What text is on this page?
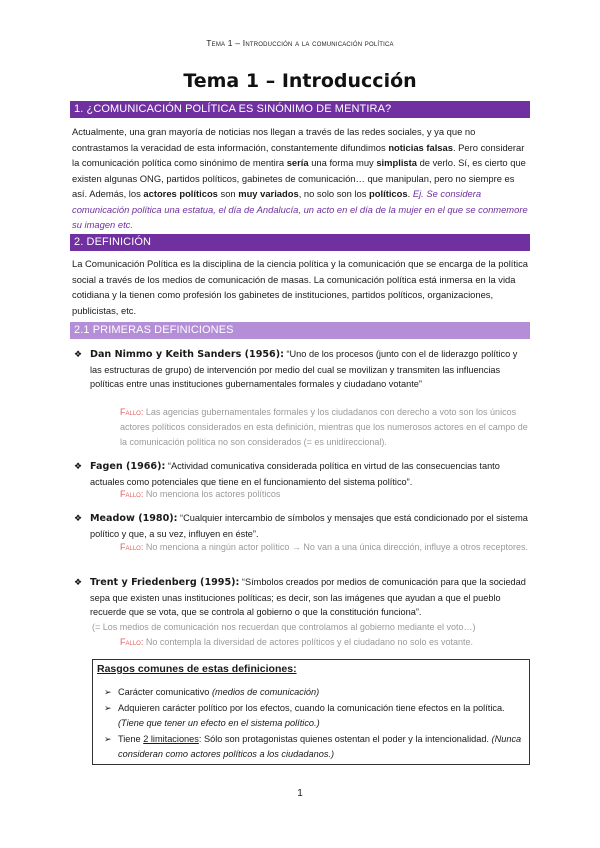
Tema 1 – Introducción a la comunicación política
Tema 1 – Introducción
1. ¿COMUNICACIÓN POLÍTICA ES SINÓNIMO DE MENTIRA?
Actualmente, una gran mayoría de noticias nos llegan a través de las redes sociales, y ya que no contrastamos la veracidad de esta información, constantemente difundimos noticias falsas. Pero considerar la comunicación política como sinónimo de mentira sería una forma muy simplista de verlo. Sí, es cierto que existen algunas ONG, partidos políticos, gabinetes de comunicación… que manipulan, pero no siempre es así. Además, los actores políticos son muy variados, no solo son los políticos. Ej. Se considera comunicación política una estatua, el día de Andalucía, un acto en el día de la mujer en el que se conmemore su imagen etc.
2. DEFINICIÓN
La Comunicación Política es la disciplina de la ciencia política y la comunicación que se encarga de la política social a través de los medios de comunicación de masas. La comunicación política está inmersa en la vida cotidiana y la tienen como profesión los gabinetes de instituciones, partidos políticos, organizaciones, publicistas, etc.
2.1 PRIMERAS DEFINICIONES
❖ Dan Nimmo y Keith Sanders (1956): “Uno de los procesos (junto con el de liderazgo político y las estructuras de grupo) de intervención por medio del cual se movilizan y transmiten las influencias políticas entre unas instituciones gubernamentales formales y ciudadano votante”
Fallo: Las agencias gubernamentales formales y los ciudadanos con derecho a voto son los únicos actores políticos considerados en esta definición, mientras que los numerosos actores en el campo de la comunicación política no son considerados (= es unidireccional).
❖ Fagen (1966): “Actividad comunicativa considerada política en virtud de las consecuencias tanto actuales como potenciales que tiene en el funcionamiento del sistema político”.
Fallo: No menciona los actores políticos
❖ Meadow (1980): “Cualquier intercambio de símbolos y mensajes que está condicionado por el sistema político y que, a su vez, influyen en éste”.
Fallo: No menciona a ningún actor político → No van a una única dirección, influye a otros receptores.
❖ Trent y Friedenberg (1995): “Símbolos creados por medios de comunicación para que la sociedad sepa que existen unas instituciones políticas; es decir, son las imágenes que ayudan a que el pueblo recuerde que se vota, que se controla al gobierno o que la constitución funciona”.
(= Los medios de comunicación nos recuerdan que controlamos al gobierno mediante el voto…)
Fallo: No contempla la diversidad de actores políticos y el ciudadano no solo es votante.
Rasgos comunes de estas definiciones:
➢ Carácter comunicativo (medios de comunicación)
➢ Adquieren carácter político por los efectos, cuando la comunicación tiene efectos en la política. (Tiene que tener un efecto en el sistema político.)
➢ Tiene 2 limitaciones: Sólo son protagonistas quienes ostentan el poder y la intencionalidad. (Nunca consideran como actores políticos a los ciudadanos.)
1
